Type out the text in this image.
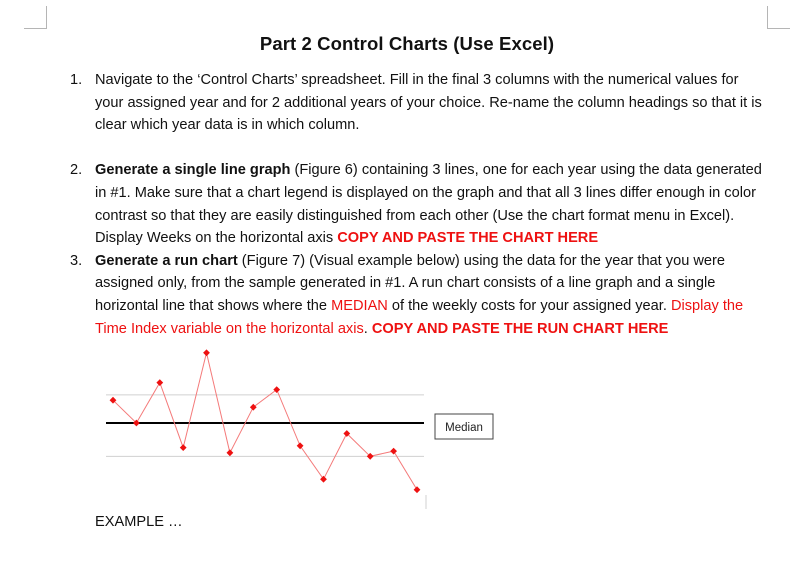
Part 2 Control Charts (Use Excel)
1. Navigate to the ‘Control Charts’ spreadsheet. Fill in the final 3 columns with the numerical values for your assigned year and for 2 additional years of your choice. Re-name the column headings so that it is clear which year data is in which column.
2. Generate a single line graph (Figure 6) containing 3 lines, one for each year using the data generated in #1. Make sure that a chart legend is displayed on the graph and that all 3 lines differ enough in color contrast so that they are easily distinguished from each other (Use the chart format menu in Excel). Display Weeks on the horizontal axis COPY AND PASTE THE CHART HERE
3. Generate a run chart (Figure 7) (Visual example below) using the data for the year that you were assigned only, from the sample generated in #1. A run chart consists of a line graph and a single horizontal line that shows where the MEDIAN of the weekly costs for your assigned year. Display the Time Index variable on the horizontal axis. COPY AND PASTE THE RUN CHART HERE
Median
EXAMPLE …
